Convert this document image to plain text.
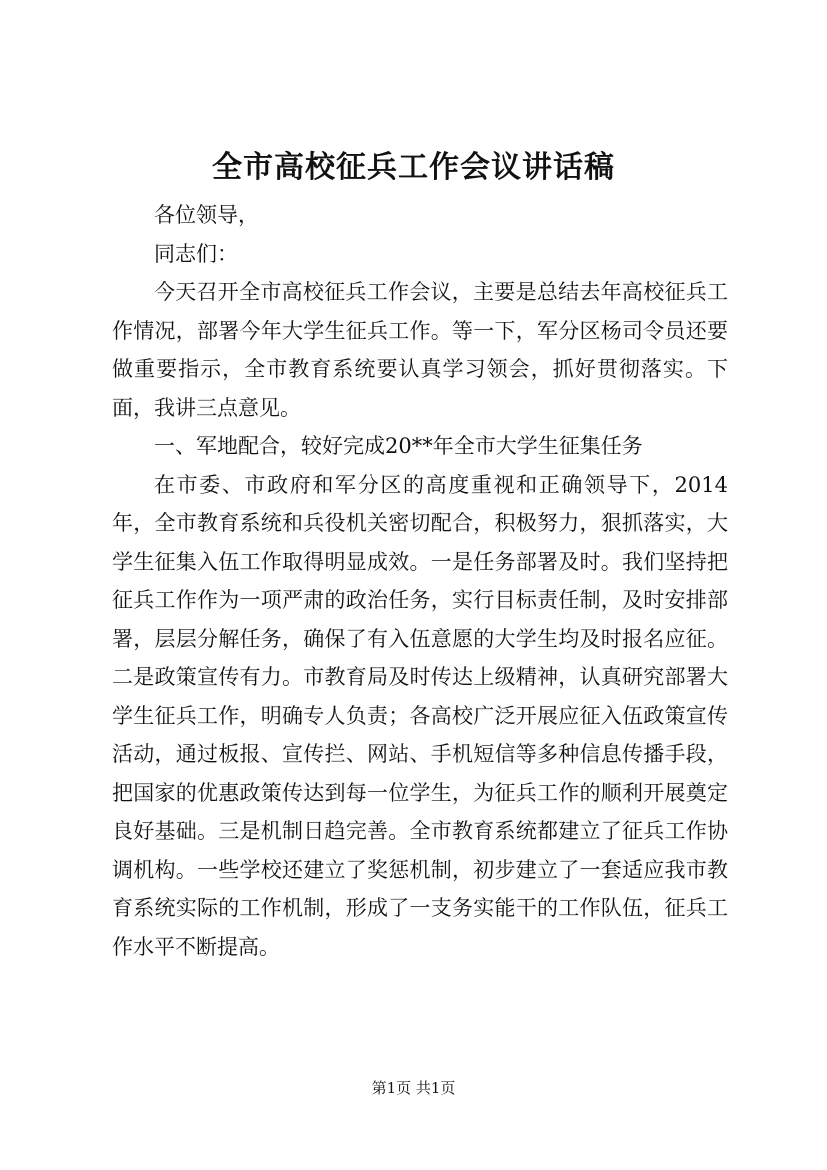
全市高校征兵工作会议讲话稿

各位领导，

同志们：

今天召开全市高校征兵工作会议，主要是总结去年高校征兵工作情况，部署今年大学生征兵工作。等一下，军分区杨司令员还要做重要指示，全市教育系统要认真学习领会，抓好贯彻落实。下面，我讲三点意见。

一、军地配合，较好完成20**年全市大学生征集任务

在市委、市政府和军分区的高度重视和正确领导下，2014年，全市教育系统和兵役机关密切配合，积极努力，狠抓落实，大学生征集入伍工作取得明显成效。一是任务部署及时。我们坚持把征兵工作作为一项严肃的政治任务，实行目标责任制，及时安排部署，层层分解任务，确保了有入伍意愿的大学生均及时报名应征。二是政策宣传有力。市教育局及时传达上级精神，认真研究部署大学生征兵工作，明确专人负责；各高校广泛开展应征入伍政策宣传活动，通过板报、宣传拦、网站、手机短信等多种信息传播手段，把国家的优惠政策传达到每一位学生，为征兵工作的顺利开展奠定良好基础。三是机制日趋完善。全市教育系统都建立了征兵工作协调机构。一些学校还建立了奖惩机制，初步建立了一套适应我市教育系统实际的工作机制，形成了一支务实能干的工作队伍，征兵工作水平不断提高。

第1页 共1页
